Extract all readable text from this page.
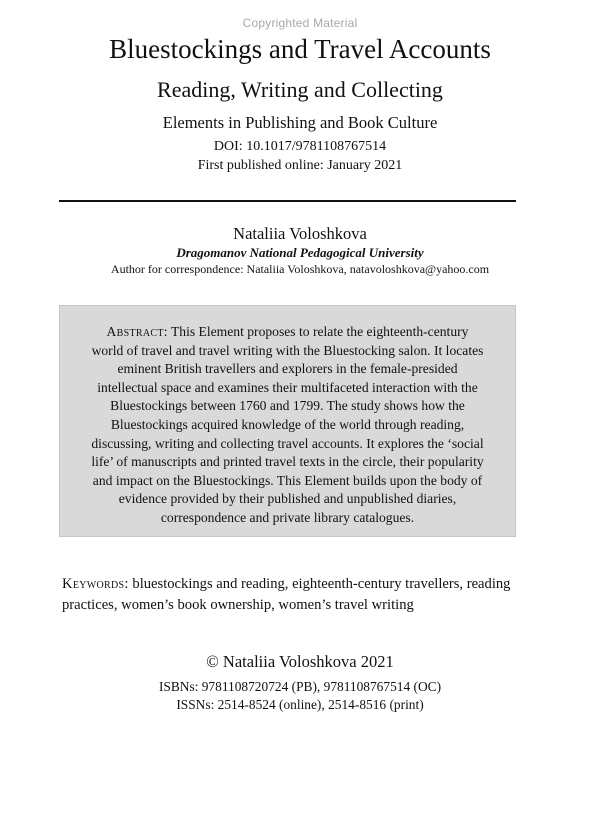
Copyrighted Material
Bluestockings and Travel Accounts
Reading, Writing and Collecting
Elements in Publishing and Book Culture
DOI: 10.1017/9781108767514
First published online: January 2021
Nataliia Voloshkova
Dragomanov National Pedagogical University
Author for correspondence: Nataliia Voloshkova, natavoloshkova@yahoo.com

Abstract: This Element proposes to relate the eighteenth-century world of travel and travel writing with the Bluestocking salon. It locates eminent British travellers and explorers in the female-presided intellectual space and examines their multifaceted interaction with the Bluestockings between 1760 and 1799. The study shows how the Bluestockings acquired knowledge of the world through reading, discussing, writing and collecting travel accounts. It explores the ‘social life’ of manuscripts and printed travel texts in the circle, their popularity and impact on the Bluestockings. This Element builds upon the body of evidence provided by their published and unpublished diaries, correspondence and private library catalogues.

Keywords: bluestockings and reading, eighteenth-century travellers, reading practices, women’s book ownership, women’s travel writing

© Nataliia Voloshkova 2021
ISBNs: 9781108720724 (PB), 9781108767514 (OC)
ISSNs: 2514-8524 (online), 2514-8516 (print)
